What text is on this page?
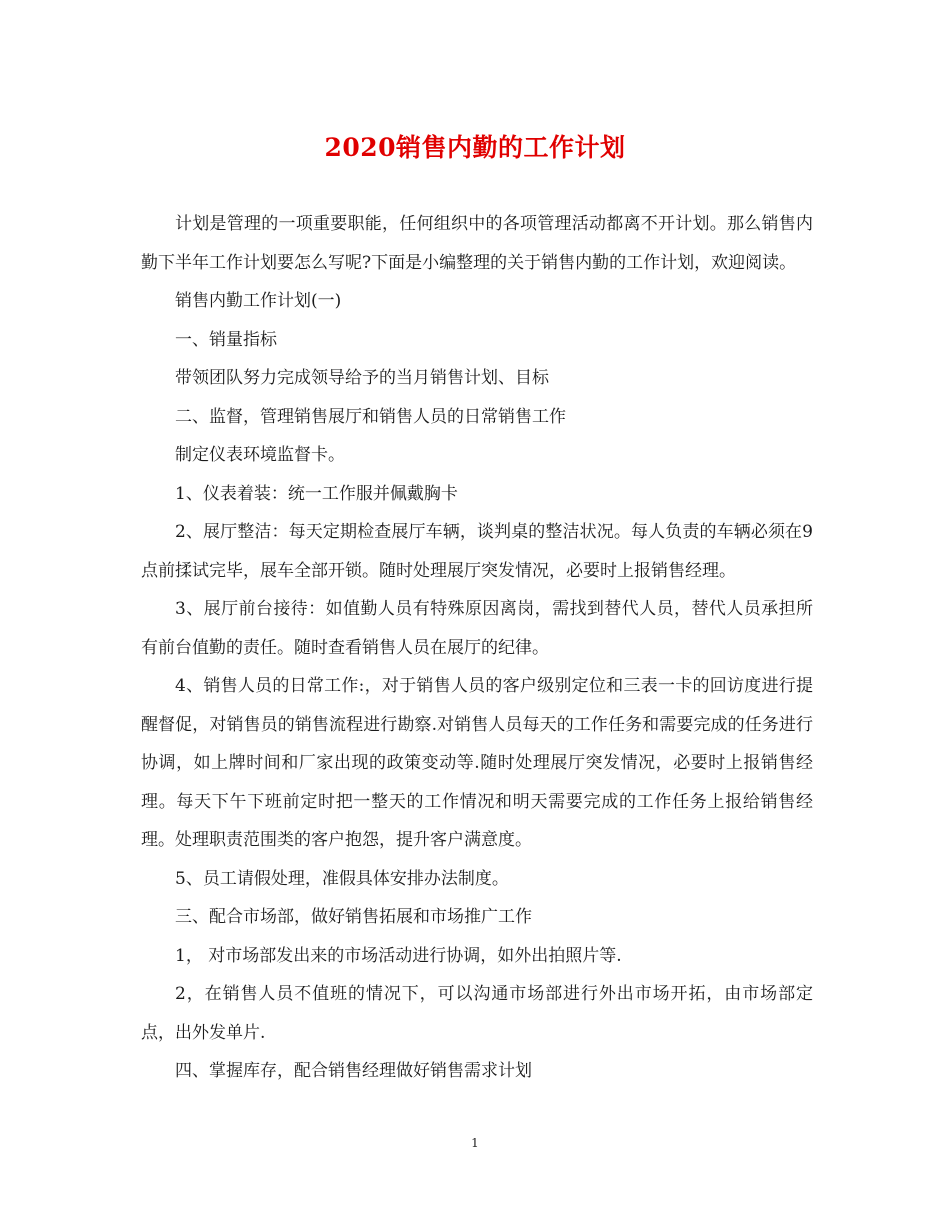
2020销售内勤的工作计划

计划是管理的一项重要职能，任何组织中的各项管理活动都离不开计划。那么销售内勤下半年工作计划要怎么写呢?下面是小编整理的关于销售内勤的工作计划，欢迎阅读。

销售内勤工作计划(一)

一、销量指标

带领团队努力完成领导给予的当月销售计划、目标

二、监督，管理销售展厅和销售人员的日常销售工作

制定仪表环境监督卡。

1、仪表着装：统一工作服并佩戴胸卡

2、展厅整洁：每天定期检查展厅车辆，谈判桌的整洁状况。每人负责的车辆必须在9点前揉试完毕，展车全部开锁。随时处理展厅突发情况，必要时上报销售经理。

3、展厅前台接待：如值勤人员有特殊原因离岗，需找到替代人员，替代人员承担所有前台值勤的责任。随时查看销售人员在展厅的纪律。

4、销售人员的日常工作:，对于销售人员的客户级别定位和三表一卡的回访度进行提醒督促，对销售员的销售流程进行勘察.对销售人员每天的工作任务和需要完成的任务进行协调，如上牌时间和厂家出现的政策变动等.随时处理展厅突发情况，必要时上报销售经理。每天下午下班前定时把一整天的工作情况和明天需要完成的工作任务上报给销售经理。处理职责范围类的客户抱怨，提升客户满意度。

5、员工请假处理，准假具体安排办法制度。

三、配合市场部，做好销售拓展和市场推广工作

1， 对市场部发出来的市场活动进行协调，如外出拍照片等.

2，在销售人员不值班的情况下，可以沟通市场部进行外出市场开拓，由市场部定点，出外发单片.

四、掌握库存，配合销售经理做好销售需求计划

1
